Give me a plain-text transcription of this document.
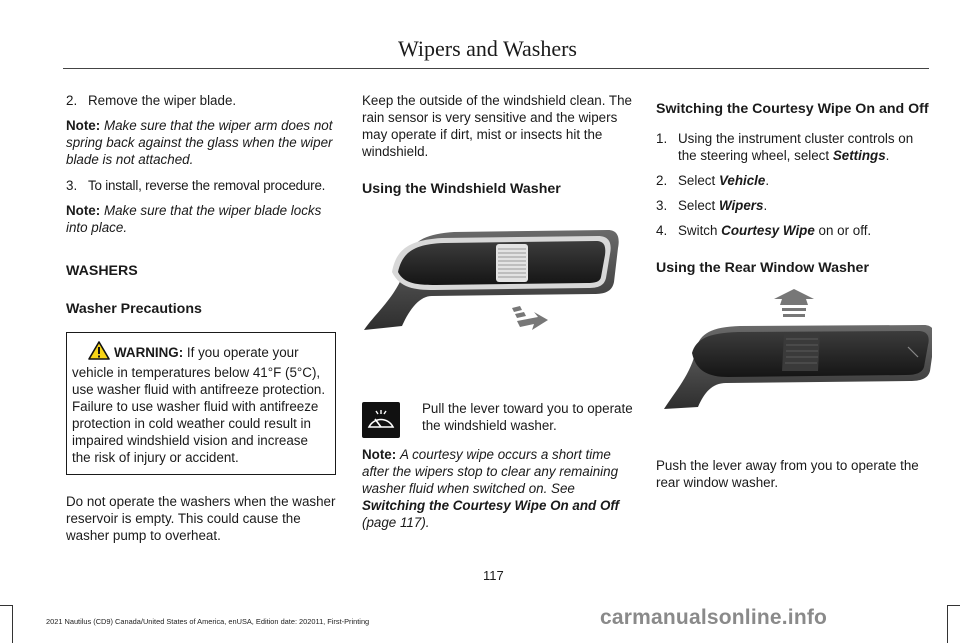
Wipers and Washers
2. Remove the wiper blade.

Note: Make sure that the wiper arm does not spring back against the glass when the wiper blade is not attached.

3. To install, reverse the removal procedure.

Note: Make sure that the wiper blade locks into place.

WASHERS
Washer Precautions
WARNING: If you operate your vehicle in temperatures below 41°F (5°C), use washer fluid with antifreeze protection. Failure to use washer fluid with antifreeze protection in cold weather could result in impaired windshield vision and increase the risk of injury or accident.

Do not operate the washers when the washer reservoir is empty. This could cause the washer pump to overheat.

Keep the outside of the windshield clean. The rain sensor is very sensitive and the wipers may operate if dirt, mist or insects hit the windshield.

Using the Windshield Washer
Pull the lever toward you to operate the windshield washer.

Note: A courtesy wipe occurs a short time after the wipers stop to clear any remaining washer fluid when switched on. See Switching the Courtesy Wipe On and Off (page 117).

Switching the Courtesy Wipe On and Off
1. Using the instrument cluster controls on the steering wheel, select Settings.
2. Select Vehicle.
3. Select Wipers.
4. Switch Courtesy Wipe on or off.
Using the Rear Window Washer

Push the lever away from you to operate the rear window washer.

117
2021 Nautilus (CD9) Canada/United States of America, enUSA, Edition date: 202011, First-Printing	carmanualsonline.info
